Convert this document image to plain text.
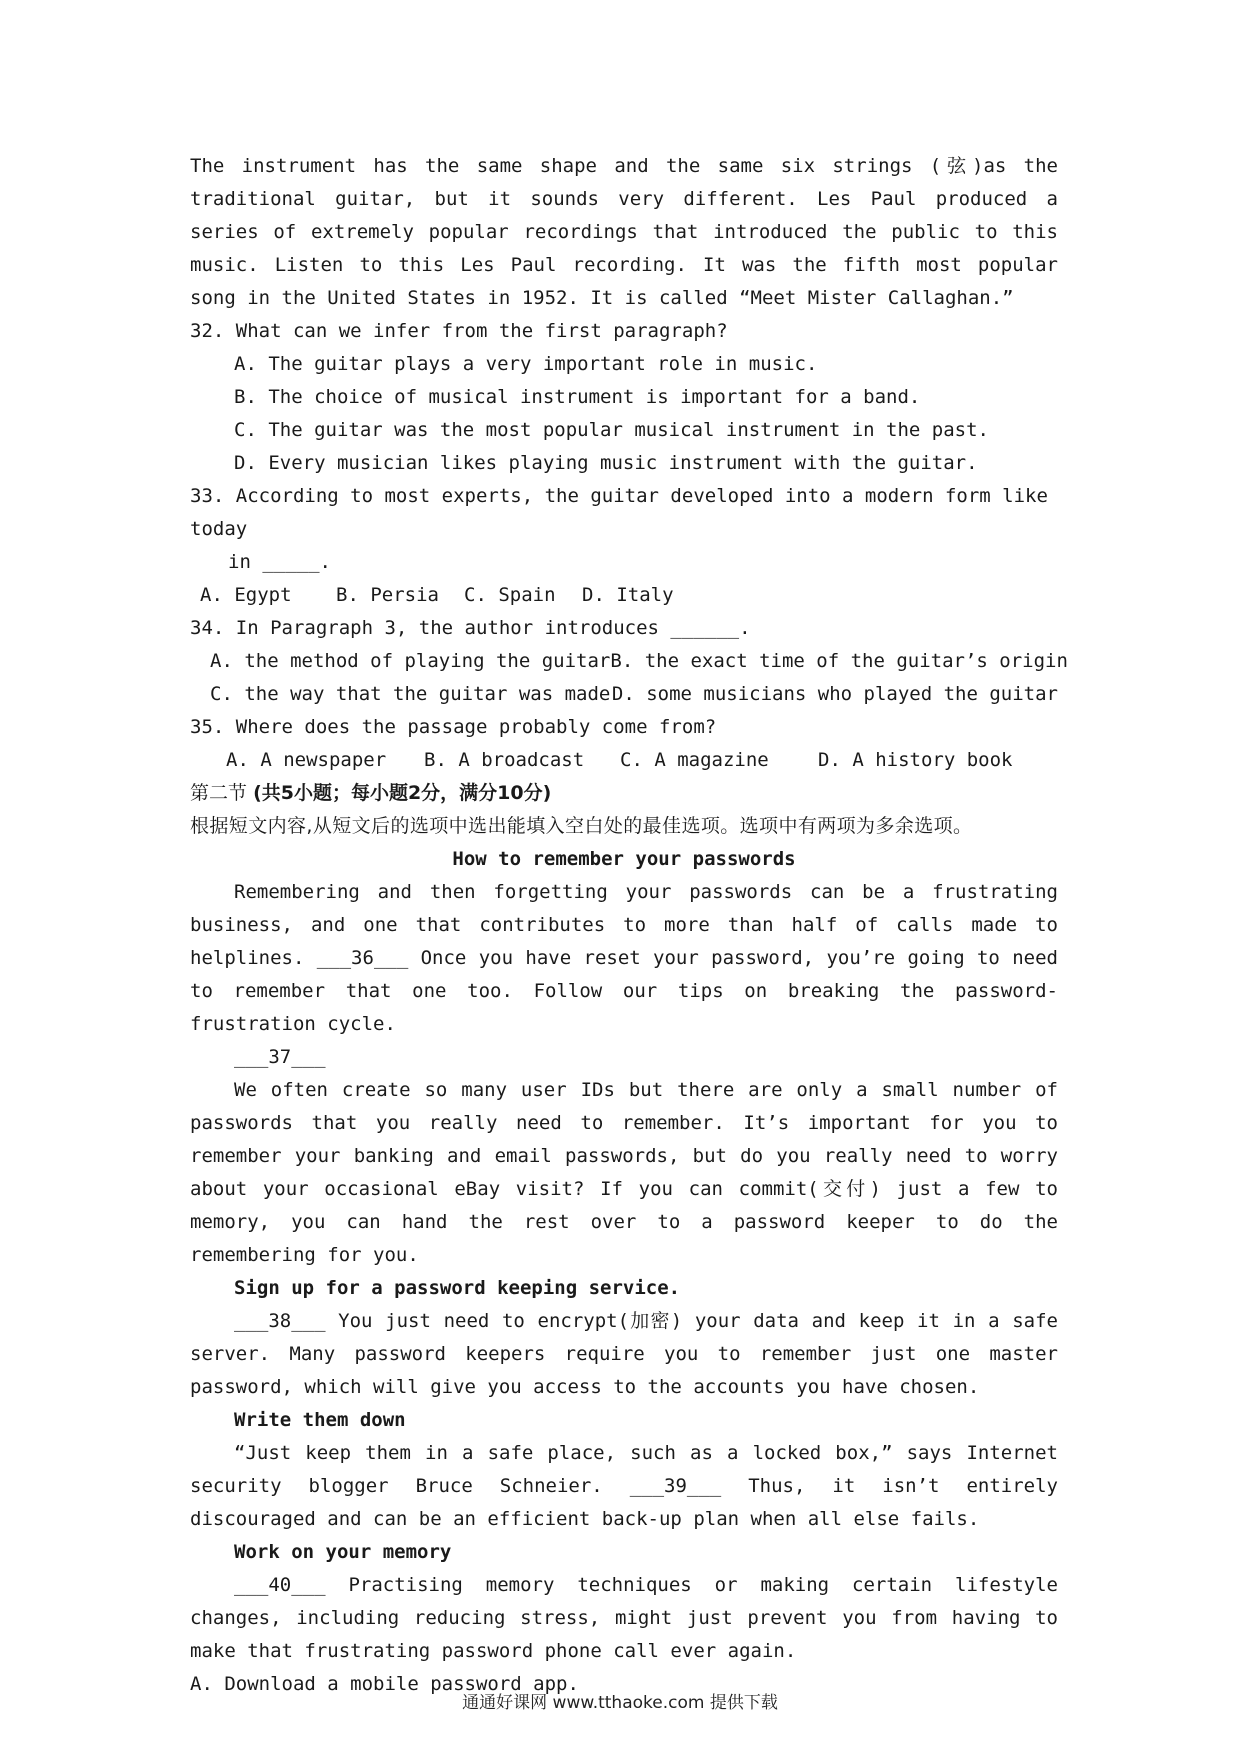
The instrument has the same shape and the same six strings (弦)as the traditional guitar, but it sounds very different. Les Paul produced a series of extremely popular recordings that introduced the public to this music. Listen to this Les Paul recording. It was the fifth most popular song in the United States in 1952. It is called “Meet Mister Callaghan.”

32. What can we infer from the first paragraph?

A. The guitar plays a very important role in music.

B. The choice of musical instrument is important for a band.

C. The guitar was the most popular musical instrument in the past.

D. Every musician likes playing music instrument with the guitar.

33. According to most experts, the guitar developed into a modern form like today

in _____.

A. Egypt	B. Persia	C. Spain	D. Italy

34. In Paragraph 3, the author introduces ______.

A. the method of playing the guitar B. the exact time of the guitar’s origin
C. the way that the guitar was made D. some musicians who played the guitar

35. Where does the passage probably come from?

A. A newspaper	B. A broadcast	C. A magazine	D. A history book

第二节 (共5小题；每小题2分，满分10分)

根据短文内容,从短文后的选项中选出能填入空白处的最佳选项。选项中有两项为多余选项。

How to remember your passwords

Remembering and then forgetting your passwords can be a frustrating business, and one that contributes to more than half of calls made to helplines. ___36___ Once you have reset your password, you’re going to need to remember that one too. Follow our tips on breaking the password-frustration cycle.

___37___

We often create so many user IDs but there are only a small number of passwords that you really need to remember. It’s important for you to remember your banking and email passwords, but do you really need to worry about your occasional eBay visit? If you can commit(交付) just a few to memory, you can hand the rest over to a password keeper to do the remembering for you.

Sign up for a password keeping service.

___38___ You just need to encrypt(加密) your data and keep it in a safe server. Many password keepers require you to remember just one master password, which will give you access to the accounts you have chosen.

Write them down

“Just keep them in a safe place, such as a locked box,” says Internet security blogger Bruce Schneier. ___39___ Thus, it isn’t entirely discouraged and can be an efficient back-up plan when all else fails.

Work on your memory

___40___ Practising memory techniques or making certain lifestyle changes, including reducing stress, might just prevent you from having to make that frustrating password phone call ever again.

A. Download a mobile password app.

通通好课网 www.tthaoke.com 提供下载
